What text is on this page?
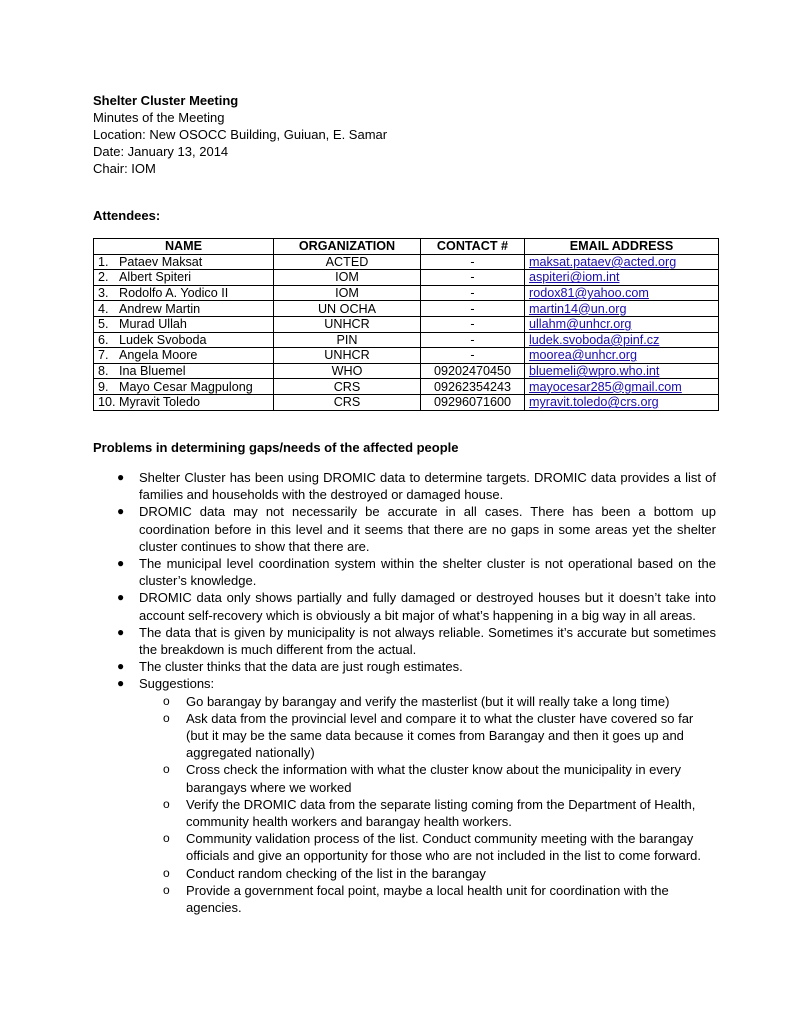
Shelter Cluster Meeting
Minutes of the Meeting
Location: New OSOCC Building, Guiuan, E. Samar
Date: January 13, 2014
Chair: IOM
Attendees:
NAME	ORGANIZATION	CONTACT #	EMAIL ADDRESS
1. Pataev Maksat	ACTED	-	maksat.pataev@acted.org
2. Albert Spiteri	IOM	-	aspiteri@iom.int
3. Rodolfo A. Yodico II	IOM	-	rodox81@yahoo.com
4. Andrew Martin	UN OCHA	-	martin14@un.org
5. Murad Ullah	UNHCR	-	ullahm@unhcr.org
6. Ludek Svoboda	PIN	-	ludek.svoboda@pinf.cz
7. Angela Moore	UNHCR	-	moorea@unhcr.org
8. Ina Bluemel	WHO	09202470450	bluemeli@wpro.who.int
9. Mayo Cesar Magpulong	CRS	09262354243	mayocesar285@gmail.com
10. Myravit Toledo	CRS	09296071600	myravit.toledo@crs.org
Problems in determining gaps/needs of the affected people
● Shelter Cluster has been using DROMIC data to determine targets. DROMIC data provides a list of families and households with the destroyed or damaged house.
● DROMIC data may not necessarily be accurate in all cases. There has been a bottom up coordination before in this level and it seems that there are no gaps in some areas yet the shelter cluster continues to show that there are.
● The municipal level coordination system within the shelter cluster is not operational based on the cluster’s knowledge.
● DROMIC data only shows partially and fully damaged or destroyed houses but it doesn’t take into account self-recovery which is obviously a bit major of what’s happening in a big way in all areas.
● The data that is given by municipality is not always reliable. Sometimes it’s accurate but sometimes the breakdown is much different from the actual.
● The cluster thinks that the data are just rough estimates.
● Suggestions:
o Go barangay by barangay and verify the masterlist (but it will really take a long time)
o Ask data from the provincial level and compare it to what the cluster have covered so far (but it may be the same data because it comes from Barangay and then it goes up and aggregated nationally)
o Cross check the information with what the cluster know about the municipality in every barangays where we worked
o Verify the DROMIC data from the separate listing coming from the Department of Health, community health workers and barangay health workers.
o Community validation process of the list. Conduct community meeting with the barangay officials and give an opportunity for those who are not included in the list to come forward.
o Conduct random checking of the list in the barangay
o Provide a government focal point, maybe a local health unit for coordination with the agencies.
